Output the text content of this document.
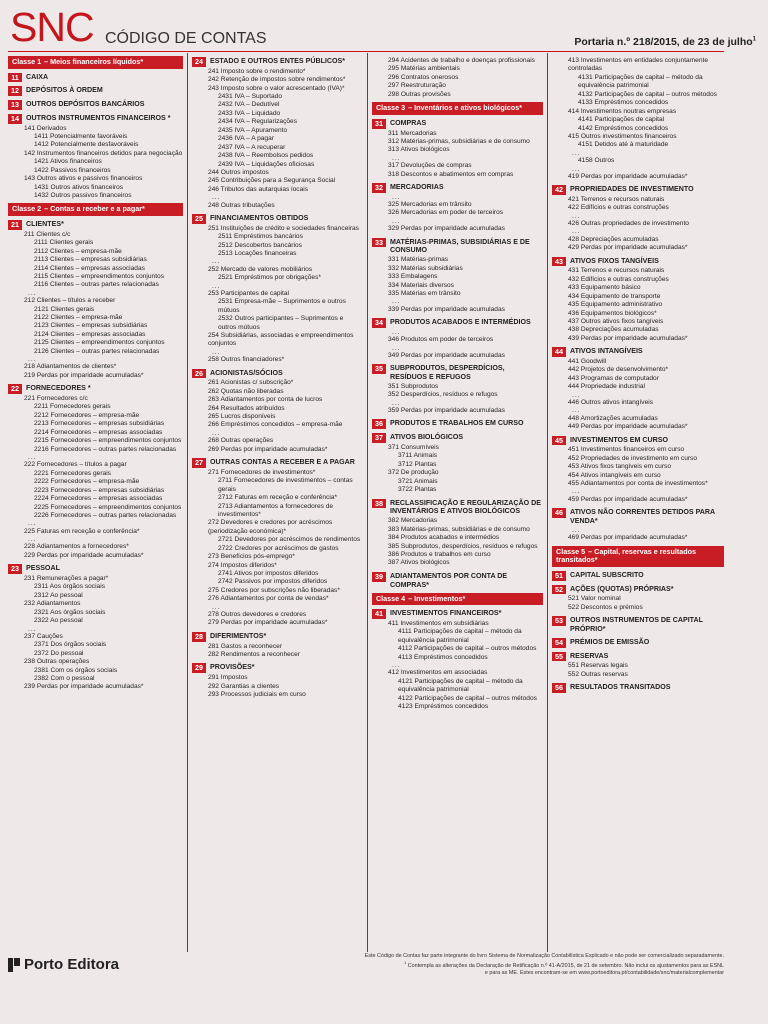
SNC CÓDIGO DE CONTAS	Portaria n.º 218/2015, de 23 de julho$^1$
Classe 1 – Meios financeiros líquidos*
11	CAIXA
12 DEPÓSITOS À ORDEM
13 OUTROS DEPÓSITOS BANCÁRIOS
14 OUTROS INSTRUMENTOS FINANCEIROS *
141 Derivados
1411 Potencialmente favoráveis
1412 Potencialmente desfavoráveis
142 Instrumentos financeiros detidos para negociação
1421 Ativos financeiros
1422 Passivos financeiros
143 Outros ativos e passivos financeiros
1431 Outros ativos financeiros
1432 Outros passivos financeiros
Classe 2 – Contas a receber e a pagar*
21 CLIENTES*
211 Clientes c/c
2111 Clientes gerais
2112 Clientes – empresa-mãe
2113 Clientes – empresas subsidiárias
2114 Clientes – empresas associadas
2115 Clientes – empreendimentos conjuntos
2116 Clientes – outras partes relacionadas
...
212 Clientes – títulos a receber
2121 Clientes gerais
2122 Clientes – empresa-mãe
2123 Clientes – empresas subsidiárias
2124 Clientes – empresas associadas
2125 Clientes – empreendimentos conjuntos
2126 Clientes – outras partes relacionadas
...
218 Adiantamentos de clientes*
219 Perdas por imparidade acumuladas*
22 FORNECEDORES *
221 Fornecedores c/c
2211 Fornecedores gerais
2212 Fornecedores – empresa-mãe
2213 Fornecedores – empresas subsidiárias
2214 Fornecedores – empresas associadas
2215 Fornecedores – empreendimentos conjuntos
2216 Fornecedores – outras partes relacionadas
...
222 Fornecedores – títulos a pagar
2221 Fornecedores gerais
2222 Fornecedores – empresa-mãe
2223 Fornecedores – empresas subsidiárias
2224 Fornecedores – empresas associadas
2225 Fornecedores – empreendimentos conjuntos
2226 Fornecedores – outras partes relacionadas
...
225 Faturas em receção e conferência*
...
228 Adiantamentos a fornecedores*
229 Perdas por imparidade acumuladas*
23 PESSOAL
231 Remunerações a pagar*
2311 Aos órgãos sociais
2312 Ao pessoal
232 Adiantamentos
2321 Aos órgãos sociais
2322 Ao pessoal
...
237 Cauções
2371 Dos órgãos sociais
2372 Do pessoal
238 Outras operações
2381 Com os órgãos sociais
2382 Com o pessoal
239 Perdas por imparidade acumuladas*
24 ESTADO E OUTROS ENTES PÚBLICOS*
241 Imposto sobre o rendimento*
242 Retenção de impostos sobre rendimentos*
243 Imposto sobre o valor acrescentado (IVA)*
2431 IVA – Suportado
2432 IVA – Dedutível
2433 IVA – Liquidado
2434 IVA – Regularizações
2435 IVA – Apuramento
2436 IVA – A pagar
2437 IVA – A recuperar
2438 IVA – Reembolsos pedidos
2439 IVA – Liquidações oficiosas
244 Outros impostos
245 Contribuições para a Segurança Social
246 Tributos das autarquias locais
...
248 Outras tributações
25 FINANCIAMENTOS OBTIDOS
251 Instituições de crédito e sociedades financeiras
2511 Empréstimos bancários
2512 Descobertos bancários
2513 Locações financeiras
...
252 Mercado de valores mobiliários
2521 Empréstimos por obrigações*
...
253 Participantes de capital
2531 Empresa-mãe – Suprimentos e outros mútuos
2532 Outros participantes – Suprimentos e outros mútuos
254 Subsidiárias, associadas e empreendimentos conjuntos
...
258 Outros financiadores*
26 ACIONISTAS/SÓCIOS
261 Acionistas c/ subscrição*
262 Quotas não liberadas
263 Adiantamentos por conta de lucros
264 Resultados atribuídos
265 Lucros disponíveis
266 Empréstimos concedidos – empresa-mãe
...
268 Outras operações
269 Perdas por imparidade acumuladas*
27 OUTRAS CONTAS A RECEBER E A PAGAR
271 Fornecedores de investimentos*
2711 Fornecedores de investimentos – contas gerais
2712 Faturas em receção e conferência*
2713 Adiantamentos a fornecedores de investimentos*
272 Devedores e credores por acréscimos (periodização económica)*
2721 Devedores por acréscimos de rendimentos
2722 Credores por acréscimos de gastos
273 Benefícios pós-emprego*
274 Impostos diferidos*
2741 Ativos por impostos diferidos
2742 Passivos por impostos diferidos
275 Credores por subscrições não liberadas*
276 Adiantamentos por conta de vendas*
...
278 Outros devedores e credores
279 Perdas por imparidade acumuladas*
28 DIFERIMENTOS*
281 Gastos a reconhecer
282 Rendimentos a reconhecer
29 PROVISÕES*
291 Impostos
292 Garantias a clientes
293 Processos judiciais em curso
294 Acidentes de trabalho e doenças profissionais
295 Matérias ambientais
296 Contratos onerosos
297 Reestruturação
298 Outras provisões
Classe 3 – Inventários e ativos biológicos*
31 COMPRAS
311 Mercadorias
312 Matérias-primas, subsidiárias e de consumo
313 Ativos biológicos
...
317 Devoluções de compras
318 Descontos e abatimentos em compras
32 MERCADORIAS
...
325 Mercadorias em trânsito
326 Mercadorias em poder de terceiros
...
329 Perdas por imparidade acumuladas
33 MATÉRIAS-PRIMAS, SUBSIDIÁRIAS E DE CONSUMO
331 Matérias-primas
332 Matérias subsidiárias
333 Embalagens
334 Materiais diversos
335 Matérias em trânsito
...
339 Perdas por imparidade acumuladas
34 PRODUTOS ACABADOS E INTERMÉDIOS
...
346 Produtos em poder de terceiros
...
349 Perdas por imparidade acumuladas
35 SUBPRODUTOS, DESPERDÍCIOS, RESÍDUOS E REFUGOS
351 Subprodutos
352 Desperdícios, resíduos e refugos
...
359 Perdas por imparidade acumuladas
36 PRODUTOS E TRABALHOS EM CURSO
37 ATIVOS BIOLÓGICOS
371 Consumíveis
3711 Animais
3712 Plantas
372 De produção
3721 Animais
3722 Plantas
38 RECLASSIFICAÇÃO E REGULARIZAÇÃO DE INVENTÁRIOS E ATIVOS BIOLÓGICOS
382 Mercadorias
383 Matérias-primas, subsidiárias e de consumo
384 Produtos acabados e intermédios
385 Subprodutos, desperdícios, resíduos e refugos
386 Produtos e trabalhos em curso
387 Ativos biológicos
39 ADIANTAMENTOS POR CONTA DE COMPRAS*
Classe 4 – Investimentos*
41 INVESTIMENTOS FINANCEIROS*
411 Investimentos em subsidiárias
4111 Participações de capital – método da equivalência patrimonial
4112 Participações de capital – outros métodos
4113 Empréstimos concedidos
...
412 Investimentos em associadas
4121 Participações de capital – método da equivalência patrimonial
4122 Participações de capital – outros métodos
4123 Empréstimos concedidos
413 Investimentos em entidades conjuntamente controladas
4131 Participações de capital – método da equivalência patrimonial
4132 Participações de capital – outros métodos
4133 Empréstimos concedidos
414 Investimentos noutras empresas
4141 Participações de capital
4142 Empréstimos concedidos
415 Outros investimentos financeiros
4151 Detidos até à maturidade
...
4158 Outros
...
419 Perdas por imparidade acumuladas*
42 PROPRIEDADES DE INVESTIMENTO
421 Terrenos e recursos naturais
422 Edifícios e outras construções
...
426 Outras propriedades de investimento
...
428 Depreciações acumuladas
429 Perdas por imparidade acumuladas*
43 ATIVOS FIXOS TANGÍVEIS
431 Terrenos e recursos naturais
432 Edifícios e outras construções
433 Equipamento básico
434 Equipamento de transporte
435 Equipamento administrativo
436 Equipamentos biológicos*
437 Outros ativos fixos tangíveis
438 Depreciações acumuladas
439 Perdas por imparidade acumuladas*
44 ATIVOS INTANGÍVEIS
441 Goodwill
442 Projetos de desenvolvimento*
443 Programas de computador
444 Propriedade industrial
...
446 Outros ativos intangíveis
...
448 Amortizações acumuladas
449 Perdas por imparidade acumuladas*
45 INVESTIMENTOS EM CURSO
451 Investimentos financeiros em curso
452 Propriedades de investimento em curso
453 Ativos fixos tangíveis em curso
454 Ativos intangíveis em curso
455 Adiantamentos por conta de investimentos*
...
459 Perdas por imparidade acumuladas*
46 ATIVOS NÃO CORRENTES DETIDOS PARA VENDA*
...
469 Perdas por imparidade acumuladas*
Classe 5 – Capital, reservas e resultados transitados*
51 CAPITAL SUBSCRITO
52 AÇÕES (QUOTAS) PRÓPRIAS*
521 Valor nominal
522 Descontos e prémios
53 OUTROS INSTRUMENTOS DE CAPITAL PRÓPRIO*
54 PRÉMIOS DE EMISSÃO
55 RESERVAS
551 Reservas legais
552 Outras reservas
56 RESULTADOS TRANSITADOS
Porto Editora	Este Código de Contas faz parte integrante do livro Sistema de Normalização Contabilística Explicado e não pode ser comercializado separadamente.
$^1$ Contempla as alterações da Declaração de Retificação n.º 41-A/2015, de 21 de setembro. Não inclui os ajustamentos para as ESNL
e para as ME. Estes encontram-se em www.portoeditora.pt/contabilidade/snc/materialcomplementar
